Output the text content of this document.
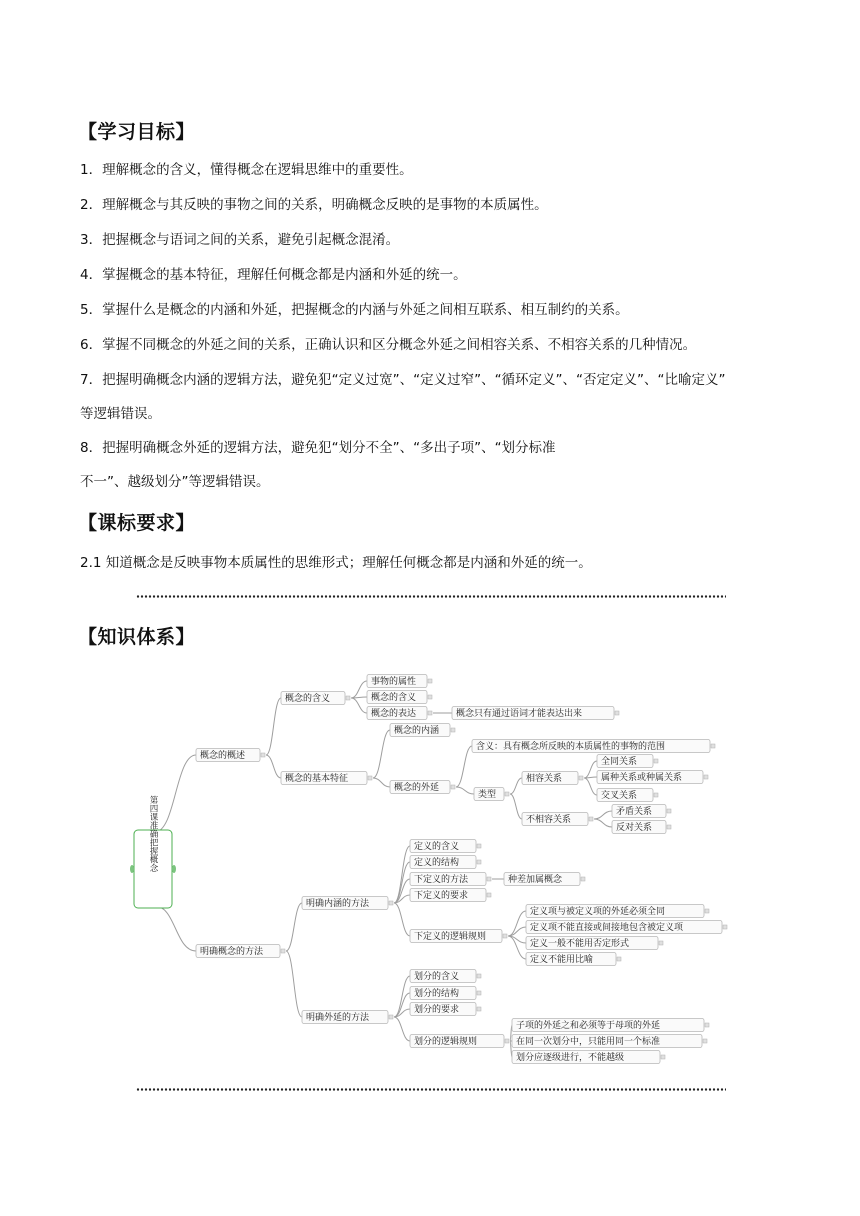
【学习目标】
1．理解概念的含义，懂得概念在逻辑思维中的重要性。
2．理解概念与其反映的事物之间的关系，明确概念反映的是事物的本质属性。
3．把握概念与语词之间的关系，避免引起概念混淆。
4．掌握概念的基本特征，理解任何概念都是内涵和外延的统一。
5．掌握什么是概念的内涵和外延，把握概念的内涵与外延之间相互联系、相互制约的关系。
6．掌握不同概念的外延之间的关系，正确认识和区分概念外延之间相容关系、不相容关系的几种情况。
7．把握明确概念内涵的逻辑方法，避免犯“定义过宽”、“定义过窄”、“循环定义”、“否定定义”、“比喻定义”
等逻辑错误。
8．把握明确概念外延的逻辑方法，避免犯“划分不全”、“多出子项”、“划分标准
不一”、越级划分”等逻辑错误。
【课标要求】
2.1 知道概念是反映事物本质属性的思维形式；理解任何概念都是内涵和外延的统一。
【知识体系】
第四课准确把握概念
概念的概述
概念的含义
事物的属性
概念的含义
概念的表达	概念只有通过语词才能表达出来
概念的基本特征
概念的内涵
概念的外延
含义：具有概念所反映的本质属性的事物的范围
类型
相容关系
全同关系
属种关系或种属关系
交叉关系
不相容关系
矛盾关系
反对关系
明确概念的方法
明确内涵的方法
定义的含义
定义的结构
下定义的方法	种差加属概念
下定义的要求
下定义的逻辑规则
定义项与被定义项的外延必须全同
定义项不能直接或间接地包含被定义项
定义一般不能用否定形式
定义不能用比喻
明确外延的方法
划分的含义
划分的结构
划分的要求
划分的逻辑规则
子项的外延之和必须等于母项的外延
在同一次划分中，只能用同一个标准
划分应逐级进行，不能越级
